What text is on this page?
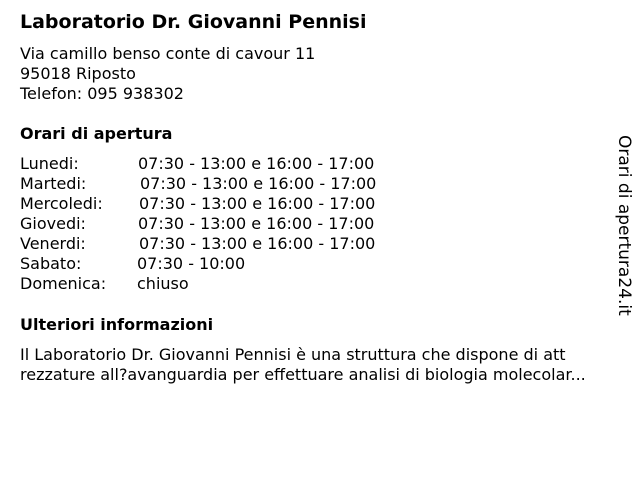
Laboratorio Dr. Giovanni Pennisi
Via camillo benso conte di cavour 11
95018 Riposto
Telefon: 095 938302
Orari di apertura
Lunedi:	07:30 - 13:00 e 16:00 - 17:00
Martedi:	07:30 - 13:00 e 16:00 - 17:00
Mercoledi: 07:30 - 13:00 e 16:00 - 17:00
Giovedi:	07:30 - 13:00 e 16:00 - 17:00
Venerdi:	07:30 - 13:00 e 16:00 - 17:00
Sabato:	07:30 - 10:00
Domenica: chiuso
Ulteriori informazioni
Il Laboratorio Dr. Giovanni Pennisi è una struttura che dispone di att
rezzature all?avanguardia per effettuare analisi di biologia molecolar...
Orari di apertura24.it
